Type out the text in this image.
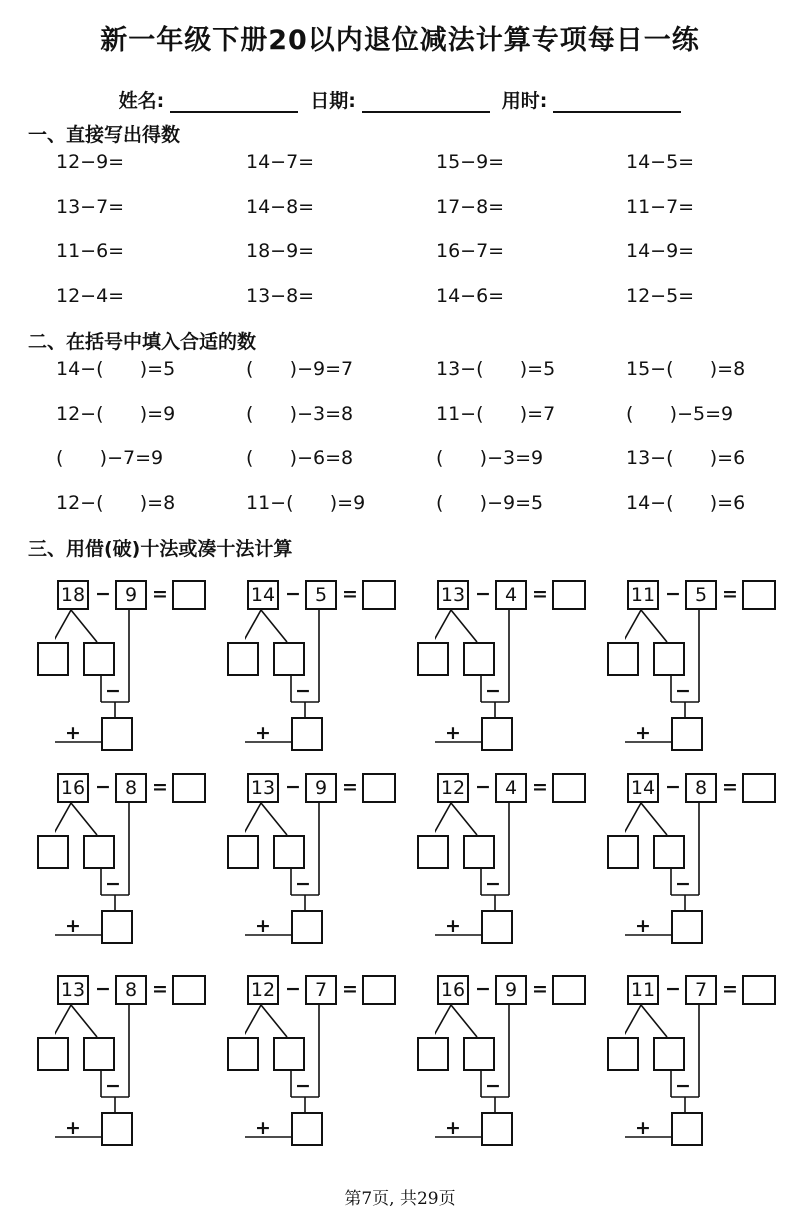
新一年级下册20以内退位减法计算专项每日一练
姓名:	日期:	用时:
一、直接写出得数
12−9=	14−7=	15−9=	14−5=
13−7=	14−8=	17−8=	11−7=
11−6=	18−9=	16−7=	14−9=
12−4=	13−8=	14−6=	12−5=
二、在括号中填入合适的数
14−(      )=5	(      )−9=7	13−(      )=5	15−(      )=8
12−(      )=9	(      )−3=8	11−(      )=7	(      )−5=9
(      )−7=9	(      )−6=8	(      )−3=9	13−(      )=6
12−(      )=8	11−(      )=9	(      )−9=5	14−(      )=6
三、用借(破)十法或凑十法计算
18 − 9 =
−
+
14 − 5 =
−
+
13 − 4 =
−
+
11 − 5 =
−
+
16 − 8 =
−
+
13 − 9 =
−
+
12 − 4 =
−
+
14 − 8 =
−
+
13 − 8 =
−
+
12 − 7 =
−
+
16 − 9 =
−
+
11 − 7 =
−
+
第7页, 共29页
